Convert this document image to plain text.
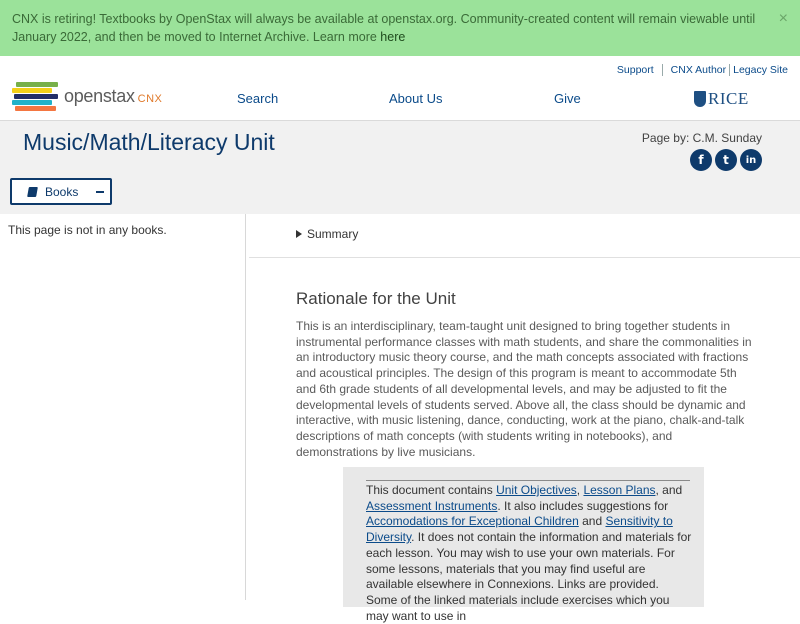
CNX is retiring! Textbooks by OpenStax will always be available at openstax.org. Community-created content will remain viewable until January 2022, and then be moved to Internet Archive. Learn more here
×
Support CNX Author Legacy Site
openstax CNX	Search	About Us	Give	RICE
Music/Math/Literacy Unit	Page by: C.M. Sunday
f	t	in
Books
This page is not in any books.	Summary
Rationale for the Unit

This is an interdisciplinary, team-taught unit designed to bring together students in instrumental performance classes with math students, and share the commonalities in an introductory music theory course, and the math concepts associated with fractions and acoustical principles. The design of this program is meant to accommodate 5th and 6th grade students of all developmental levels, and may be adjusted to fit the developmental levels of students served. Above all, the class should be dynamic and interactive, with music listening, dance, conducting, work at the piano, chalk-and-talk descriptions of math concepts (with students writing in notebooks), and demonstrations by live musicians.

This document contains Unit Objectives, Lesson Plans, and Assessment Instruments. It also includes suggestions for Accomodations for Exceptional Children and Sensitivity to Diversity. It does not contain the information and materials for each lesson. You may wish to use your own materials. For some lessons, materials that you may find useful are available elsewhere in Connexions. Links are provided. Some of the linked materials include exercises which you may want to use in
